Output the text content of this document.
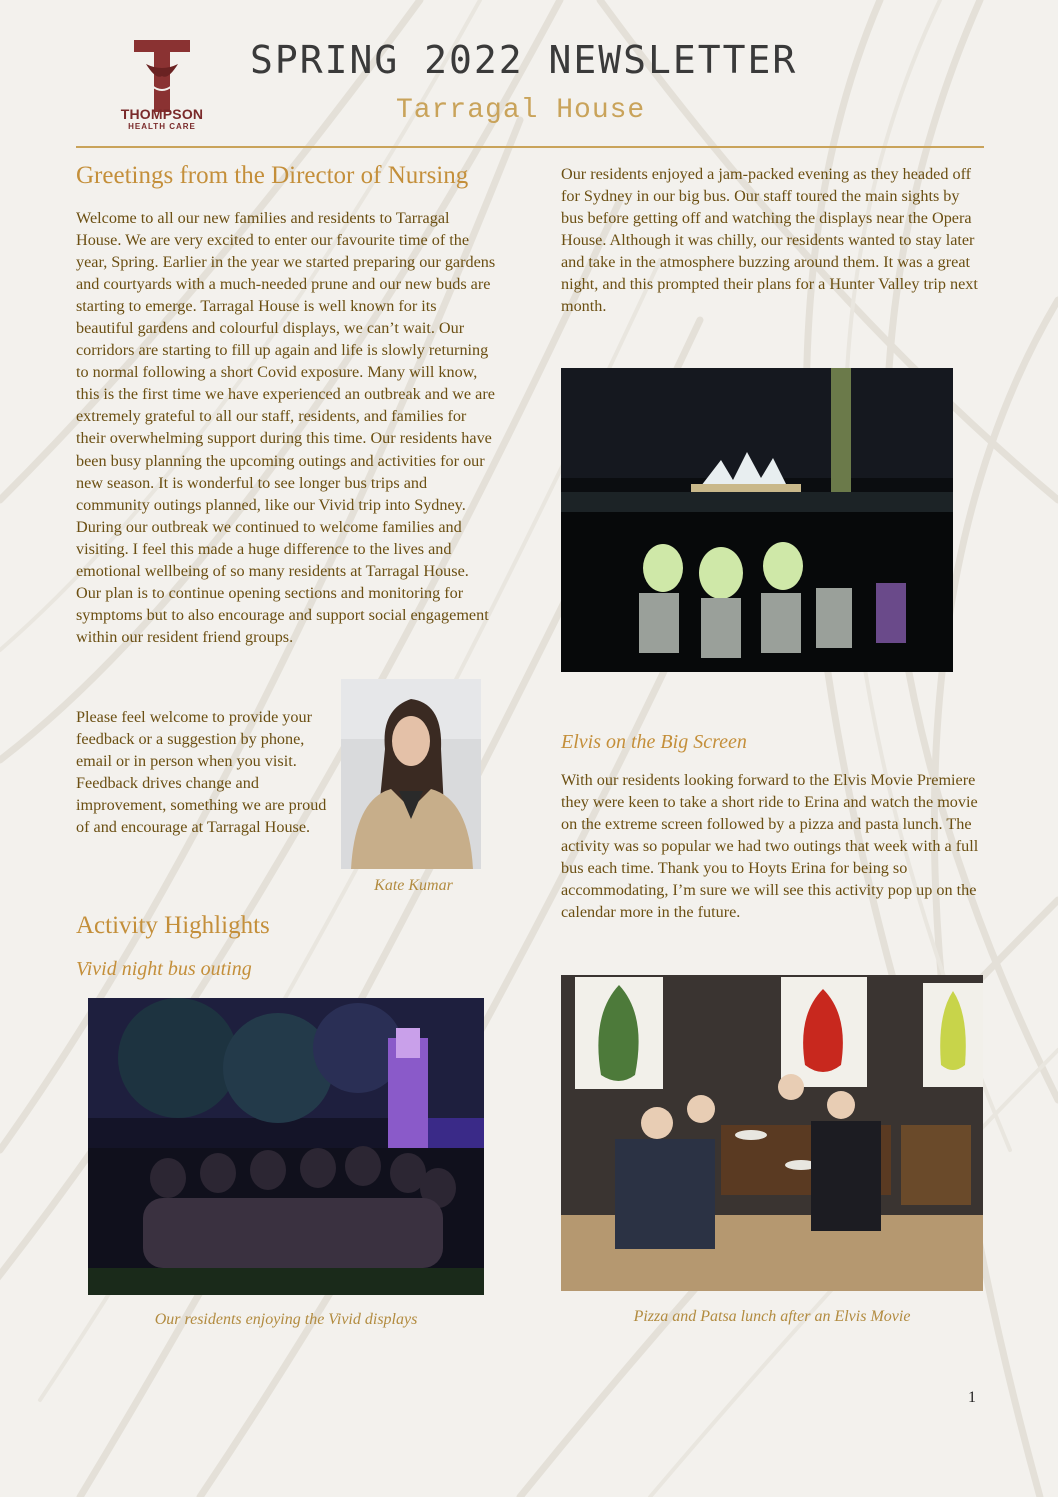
THOMPSON
HEALTH CARE
SPRING 2022 NEWSLETTER
Tarragal House
Greetings from the Director of Nursing

Welcome to all our new families and residents to Tarragal House. We are very excited to enter our favourite time of the year, Spring. Earlier in the year we started preparing our gardens and courtyards with a much-needed prune and our new buds are starting to emerge. Tarragal House is well known for its beautiful gardens and colourful displays, we can’t wait. Our corridors are starting to fill up again and life is slowly returning to normal following a short Covid exposure. Many will know, this is the first time we have experienced an outbreak and we are extremely grateful to all our staff, residents, and families for their overwhelming support during this time. Our residents have been busy planning the upcoming outings and activities for our new season. It is wonderful to see longer bus trips and community outings planned, like our Vivid trip into Sydney. During our outbreak we continued to welcome families and visiting. I feel this made a huge difference to the lives and emotional wellbeing of so many residents at Tarragal House. Our plan is to continue opening sections and monitoring for symptoms but to also encourage and support social engagement within our resident friend groups.

Please feel welcome to provide your feedback or a suggestion by phone, email or in person when you visit. Feedback drives change and improvement, something we are proud of and encourage at Tarragal House.

Kate Kumar
Activity Highlights
Vivid night bus outing
Our residents enjoying the Vivid displays

Our residents enjoyed a jam-packed evening as they headed off for Sydney in our big bus. Our staff toured the main sights by bus before getting off and watching the displays near the Opera House. Although it was chilly, our residents wanted to stay later and take in the atmosphere buzzing around them. It was a great night, and this prompted their plans for a Hunter Valley trip next month.

Elvis on the Big Screen

With our residents looking forward to the Elvis Movie Premiere they were keen to take a short ride to Erina and watch the movie on the extreme screen followed by a pizza and pasta lunch. The activity was so popular we had two outings that week with a full bus each time. Thank you to Hoyts Erina for being so accommodating, I’m sure we will see this activity pop up on the calendar more in the future.

Pizza and Patsa lunch after an Elvis Movie
1
